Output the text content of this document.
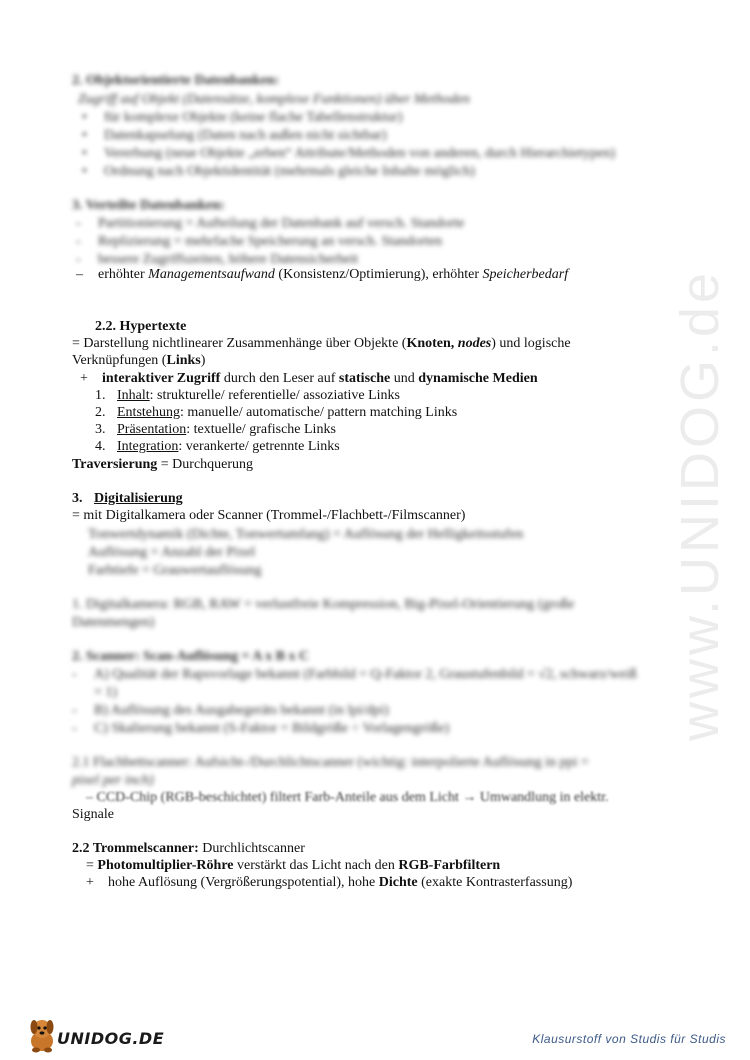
2. Objektorientierte Datenbanken:
Zugriff auf Objekt (Datensätze, komplexe Funktionen) über Methoden
• für komplexe Objekte (keine flache Tabellenstruktur)
• Datenkapselung (Daten nach außen nicht sichtbar)
• Vererbung (neue Objekte „erben“ Attribute/Methoden von anderen, durch Hierarchietypen)
• Ordnung nach Objektidentität (mehrmals gleiche Inhalte möglich)
3. Verteilte Datenbanken:
- Partitionierung = Aufteilung der Datenbank auf versch. Standorte
- Replizierung = mehrfache Speicherung an versch. Standorten
- bessere Zugriffszeiten, höhere Datensicherheit
– erhöhter Managementsaufwand (Konsistenz/Optimierung), erhöhter Speicherbedarf
2.2. Hypertexte
= Darstellung nichtlinearer Zusammenhänge über Objekte (Knoten, nodes) und logische
Verknüpfungen (Links)
+ interaktiver Zugriff durch den Leser auf statische und dynamische Medien
1. Inhalt: strukturelle/ referentielle/ assoziative Links
2. Entstehung: manuelle/ automatische/ pattern matching Links
3. Präsentation: textuelle/ grafische Links
4. Integration: verankerte/ getrennte Links
Traversierung = Durchquerung
3. Digitalisierung
= mit Digitalkamera oder Scanner (Trommel-/Flachbett-/Filmscanner)
Tonwertdynamik (Dichte, Tonwertumfang) = Auflösung der Helligkeitsstufen
Auflösung = Anzahl der Pixel
Farbtiefe = Grauwertauflösung
1. Digitalkamera: RGB, RAW = verlustfreie Kompression, Big-Pixel-Orientierung (große
Datenmengen)
2. Scanner: Scan-Auflösung = A x B x C
- A) Qualität der Rapsvorlage bekannt (Farbbild = Q-Faktor 2, Graustufenbild = √2, schwarz/weiß
= 1)
- B) Auflösung des Ausgabegeräts bekannt (in lpi/dpi)
- C) Skalierung bekannt (S-Faktor = Bildgröße ÷ Vorlagengröße)
2.1 Flachbettscanner: Aufsicht-/Durchlichtscanner (wichtig: interpolierte Auflösung in ppi =
pixel per inch)
– CCD-Chip (RGB-beschichtet) filtert Farb-Anteile aus dem Licht → Umwandlung in elektr.
Signale
2.2 Trommelscanner: Durchlichtscanner
= Photomultiplier-Röhre verstärkt das Licht nach den RGB-Farbfiltern
+ hohe Auflösung (Vergrößerungspotential), hohe Dichte (exakte Kontrasterfassung)
www.UNIDOG.de
UNIDOG.DE	Klausurstoff von Studis für Studis
